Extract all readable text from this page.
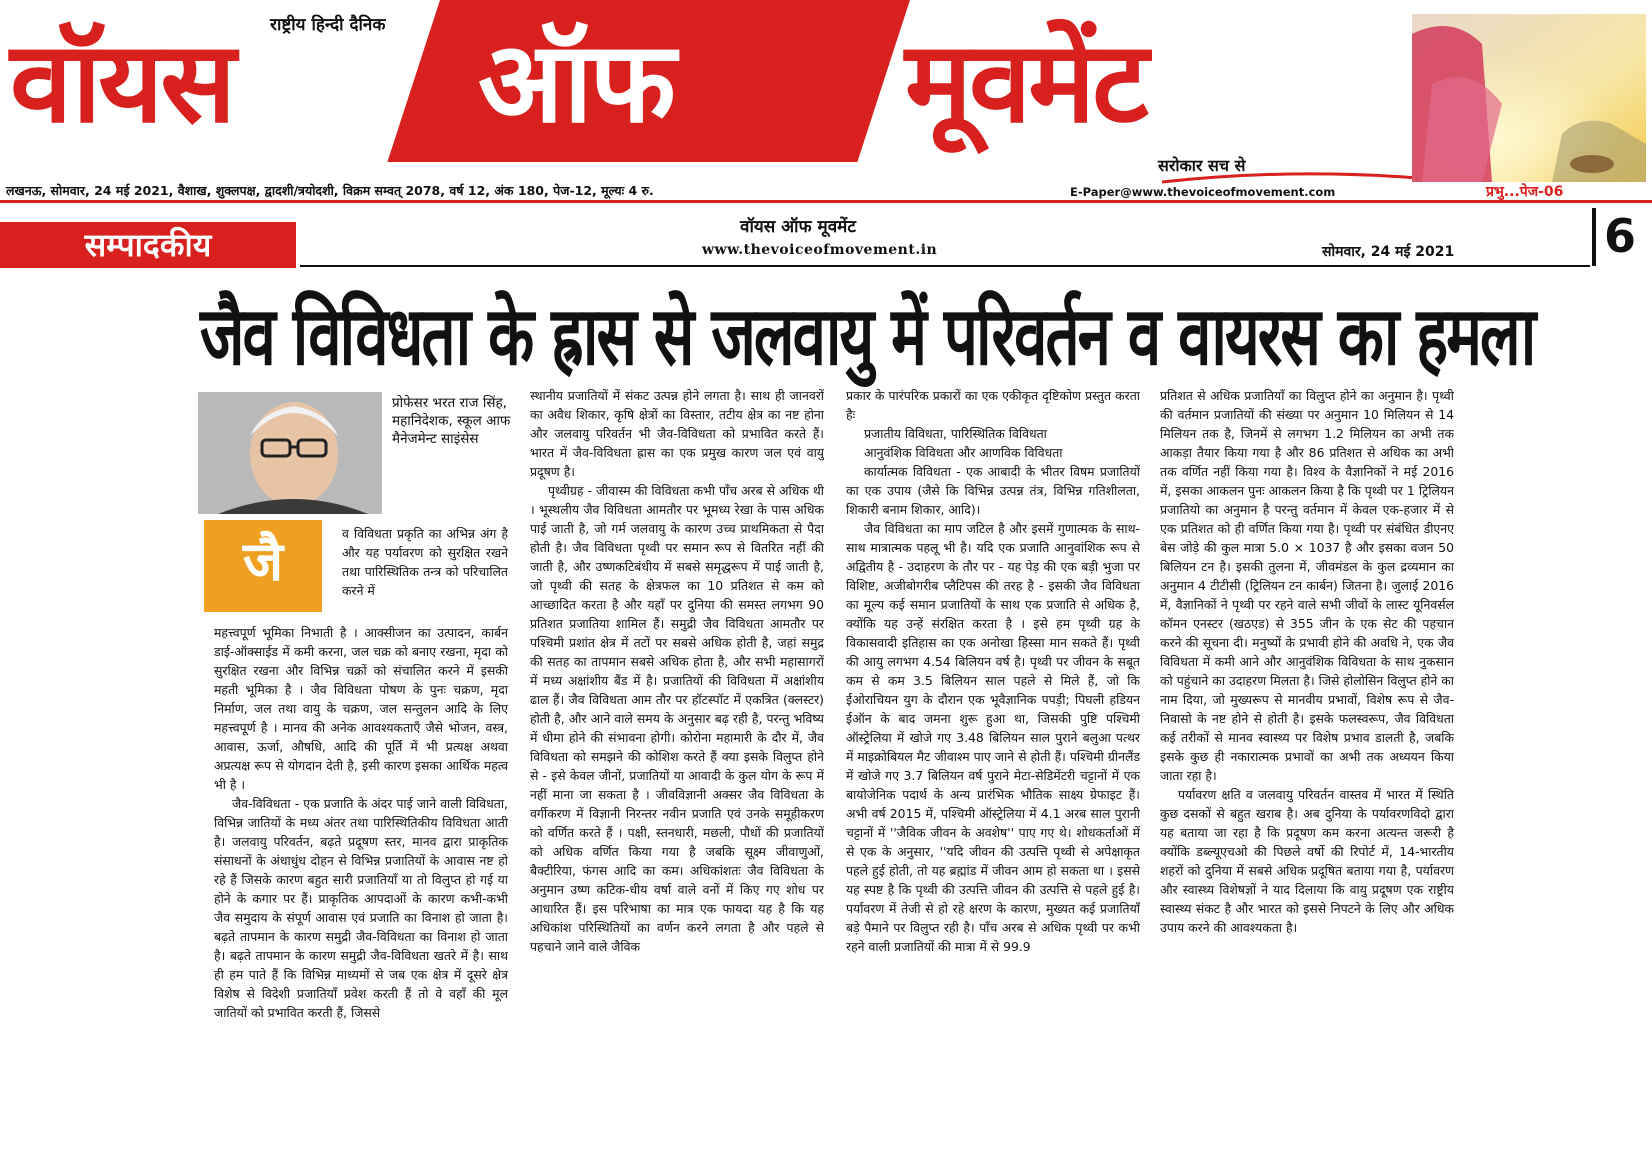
राष्ट्रीय हिन्दी दैनिक
वॉयस ऑफ मूवमेंट
सरोकार सच से
लखनऊ, सोमवार, 24 मई 2021, वैशाख, शुक्लपक्ष, द्वादशी/त्रयोदशी, विक्रम सम्वत् 2078, वर्ष 12, अंक 180, पेज-12, मूल्यः 4 रु.	E-Paper@www.thevoiceofmovement.com	प्रभु...पेज-06
सम्पादकीय	वॉयस ऑफ मूवमेंट
www.thevoiceofmovement.in	सोमवार, 24 मई 2021	6
जैव विविधता के ह्रास से जलवायु में परिवर्तन व वायरस का हमला
प्रोफेसर भरत राज सिंह, महानिदेशक, स्कूल आफ मैनेजमेन्ट साइंसेस
जै	व विविधता प्रकृति का अभिन्न अंग है और यह पर्यावरण को सुरक्षित रखने तथा पारिस्थितिक तन्त्र को परिचालित करने में

महत्त्वपूर्ण भूमिका निभाती है । आक्सीजन का उत्पादन, कार्बन डाई-ऑक्साईड में कमी करना, जल चक्र को बनाए रखना, मृदा को सुरक्षित रखना और विभिन्न चक्रों को संचालित करने में इसकी महती भूमिका है । जैव विविधता पोषण के पुनः चक्रण, मृदा निर्माण, जल तथा वायु के चक्रण, जल सन्तुलन आदि के लिए महत्त्वपूर्ण है । मानव की अनेक आवश्यकताएँ जैसे भोजन, वस्त्र, आवास, ऊर्जा, औषधि, आदि की पूर्ति में भी प्रत्यक्ष अथवा अप्रत्यक्ष रूप से योगदान देती है, इसी कारण इसका आर्थिक महत्व भी है ।

जैव-विविधता - एक प्रजाति के अंदर पाई जाने वाली विविधता, विभिन्न जातियों के मध्य अंतर तथा पारिस्थितिकीय विविधता आती है। जलवायु परिवर्तन, बढ़ते प्रदूषण स्तर, मानव द्वारा प्राकृतिक संसाधनों के अंधाधुंध दोहन से विभिन्न प्रजातियों के आवास नष्ट हो रहे हैं जिसके कारण बहुत सारी प्रजातियाँ या तो विलुप्त हो गई या होने के कगार पर हैं। प्राकृतिक आपदाओं के कारण कभी-कभी जैव समुदाय के संपूर्ण आवास एवं प्रजाति का विनाश हो जाता है। बढ़ते तापमान के कारण समुद्री जैव-विविधता का विनाश हो जाता है। बढ़ते तापमान के कारण समुद्री जैव-विविधता खतरे में है। साथ ही हम पाते हैं कि विभिन्न माध्यमों से जब एक क्षेत्र में दूसरे क्षेत्र विशेष से विदेशी प्रजातियाँ प्रवेश करती हैं तो वे वहाँ की मूल जातियों को प्रभावित करती हैं, जिससे

स्थानीय प्रजातियों में संकट उत्पन्न होने लगता है। साथ ही जानवरों का अवैध शिकार, कृषि क्षेत्रों का विस्तार, तटीय क्षेत्र का नष्ट होना और जलवायु परिवर्तन भी जैव-विविधता को प्रभावित करते हैं। भारत में जैव-विविधता ह्रास का एक प्रमुख कारण जल एवं वायु प्रदूषण है।

पृथ्वीग्रह - जीवास्म की विविधता कभी पाँच अरब से अधिक थी । भूस्थलीय जैव विविधता आमतौर पर भूमध्य रेखा के पास अधिक पाई जाती है, जो गर्म जलवायु के कारण उच्च प्राथमिकता से पैदा होती है। जैव विविधता पृथ्वी पर समान रूप से वितरित नहीं की जाती है, और उष्णकटिबंधीय में सबसे समृद्धरूप में पाई जाती है, जो पृथ्वी की सतह के क्षेत्रफल का 10 प्रतिशत से कम को आच्छादित करता है और यहाँ पर दुनिया की समस्त लगभग 90 प्रतिशत प्रजातिया शामिल हैं। समुद्री जैव विविधता आमतौर पर पश्चिमी प्रशांत क्षेत्र में तटों पर सबसे अधिक होती है, जहां समुद्र की सतह का तापमान सबसे अधिक होता है, और सभी महासागरों में मध्य अक्षांशीय बैंड में है। प्रजातियों की विविधता में अक्षांशीय ढाल हैं। जैव विविधता आम तौर पर हॉटस्पॉट में एकत्रित (क्लस्टर) होती है, और आने वाले समय के अनुसार बढ़ रही है, परन्तु भविष्य में धीमा होने की संभावना होगी। कोरोना महामारी के दौर में, जैव विविधता को समझने की कोशिश करते हैं क्या इसके विलुप्त होने से - इसे केवल जीनों, प्रजातियों या आवादी के कुल योग के रूप में नहीं माना जा सकता है । जीवविज्ञानी अक्सर जैव विविधता के वर्गीकरण में विज्ञानी निरन्तर नवीन प्रजाति एवं उनके समूहीकरण को वर्णित करते हैं । पक्षी, स्तनधारी, मछली, पौधों की प्रजातियों को अधिक वर्णित किया गया है जबकि सूक्ष्म जीवाणुओं, बैक्टीरिया, फंगस आदि का कम। अधिकांशतः जैव विविधता के अनुमान उष्ण कटिक-धीय वर्षा वाले वनों में किए गए शोध पर आधारित हैं। इस परिभाषा का मात्र एक फायदा यह है कि यह अधिकांश परिस्थितियों का वर्णन करने लगता है और पहले से पहचाने जाने वाले जैविक

प्रकार के पारंपरिक प्रकारों का एक एकीकृत दृष्टिकोण प्रस्तुत करता हैः

प्रजातीय विविधता, पारिस्थितिक विविधता

आनुवंशिक विविधता और आणविक विविधता

कार्यात्मक विविधता - एक आबादी के भीतर विषम प्रजातियों का एक उपाय (जैसे कि विभिन्न उत्पन्न तंत्र, विभिन्न गतिशीलता, शिकारी बनाम शिकार, आदि)।

जैव विविधता का माप जटिल है और इसमें गुणात्मक के साथ-साथ मात्रात्मक पहलू भी है। यदि एक प्रजाति आनुवांशिक रूप से अद्वितीय है - उदाहरण के तौर पर - यह पेड़ की एक बड़ी भुजा पर विशिष्ट, अजीबोगरीब प्लैटिपस की तरह है - इसकी जैव विविधता का मूल्य कई समान प्रजातियों के साथ एक प्रजाति से अधिक है, क्योंकि यह उन्हें संरक्षित करता है । इसे हम पृथ्वी ग्रह के विकासवादी इतिहास का एक अनोखा हिस्सा मान सकते हैं। पृथ्वी की आयु लगभग 4.54 बिलियन वर्ष है। पृथ्वी पर जीवन के सबूत कम से कम 3.5 बिलियन साल पहले से मिले हैं, जो कि ईओराचियन युग के दौरान एक भूवैज्ञानिक पपड़ी; पिघली हडियन ईऑन के बाद जमना शुरू हुआ था, जिसकी पुष्टि पश्चिमी ऑस्ट्रेलिया में खोजे गए 3.48 बिलियन साल पुराने बलुआ पत्थर में माइक्रोबियल मैट जीवाश्म पाए जाने से होती हैं। पश्चिमी ग्रीनलैंड में खोजे गए 3.7 बिलियन वर्ष पुराने मेटा-सेडिमेंटरी चट्टानों में एक बायोजेनिक पदार्थ के अन्य प्रारंभिक भौतिक साक्ष्य ग्रेफाइट हैं। अभी वर्ष 2015 में, पश्चिमी ऑस्ट्रेलिया में 4.1 अरब साल पुरानी चट्टानों में ''जैविक जीवन के अवशेष'' पाए गए थे। शोधकर्ताओं में से एक के अनुसार, ''यदि जीवन की उत्पत्ति पृथ्वी से अपेक्षाकृत पहले हुई होती, तो यह ब्रह्मांड में जीवन आम हो सकता था । इससे यह स्पष्ट है कि पृथ्वी की उत्पत्ति जीवन की उत्पत्ति से पहले हुई है। पर्यावरण में तेजी से हो रहे क्षरण के कारण, मुख्यत कई प्रजातियाँ बड़े पैमाने पर विलुप्त रही है। पाँच अरब से अधिक पृथ्वी पर कभी रहने वाली प्रजातियों की मात्रा में से 99.9

प्रतिशत से अधिक प्रजातियाँ का विलुप्त होने का अनुमान है। पृथ्वी की वर्तमान प्रजातियों की संख्या पर अनुमान 10 मिलियन से 14 मिलियन तक है, जिनमें से लगभग 1.2 मिलियन का अभी तक आकड़ा तैयार किया गया है और 86 प्रतिशत से अधिक का अभी तक वर्णित नहीं किया गया है। विश्व के वैज्ञानिकों ने मई 2016 में, इसका आकलन पुनः आकलन किया है कि पृथ्वी पर 1 ट्रिलियन प्रजातियो का अनुमान है परन्तु वर्तमान में केवल एक-हजार में से एक प्रतिशत को ही वर्णित किया गया है। पृथ्वी पर संबंधित डीएनए बेस जोड़े की कुल मात्रा 5.0 × 1037 है और इसका वजन 50 बिलियन टन है। इसकी तुलना में, जीवमंडल के कुल द्रव्यमान का अनुमान 4 टीटीसी (ट्रिलियन टन कार्बन) जितना है। जुलाई 2016 में, वैज्ञानिकों ने पृथ्वी पर रहने वाले सभी जीवों के लास्ट यूनिवर्सल कॉमन एनस्टर (खठएड) से 355 जीन के एक सेट की पहचान करने की सूचना दी। मनुष्यों के प्रभावी होने की अवधि ने, एक जैव विविधता में कमी आने और आनुवंशिक विविधता के साथ नुकसान को पहुंचाने का उदाहरण मिलता है। जिसे होलोसिन विलुप्त होने का नाम दिया, जो मुख्यरूप से मानवीय प्रभावों, विशेष रूप से जैव-निवासो के नष्ट होने से होती है। इसके फलस्वरूप, जैव विविधता कई तरीकों से मानव स्वास्थ्य पर विशेष प्रभाव डालती है, जबकि इसके कुछ ही नकारात्मक प्रभावों का अभी तक अध्ययन किया जाता रहा है।

पर्यावरण क्षति व जलवायु परिवर्तन वास्तव में भारत में स्थिति कुछ दसकों से बहुत खराब है। अब दुनिया के पर्यावरणविदो द्वारा यह बताया जा रहा है कि प्रदूषण कम करना अत्यन्त जरूरी है क्योंकि डब्ल्यूएचओ की पिछले वर्षो की रिपोर्ट में, 14-भारतीय शहरों को दुनिया में सबसे अधिक प्रदूषित बताया गया है, पर्यावरण और स्वास्थ्य विशेषज्ञों ने याद दिलाया कि वायु प्रदूषण एक राष्ट्रीय स्वास्थ्य संकट है और भारत को इससे निपटने के लिए और अधिक उपाय करने की आवश्यकता है।
